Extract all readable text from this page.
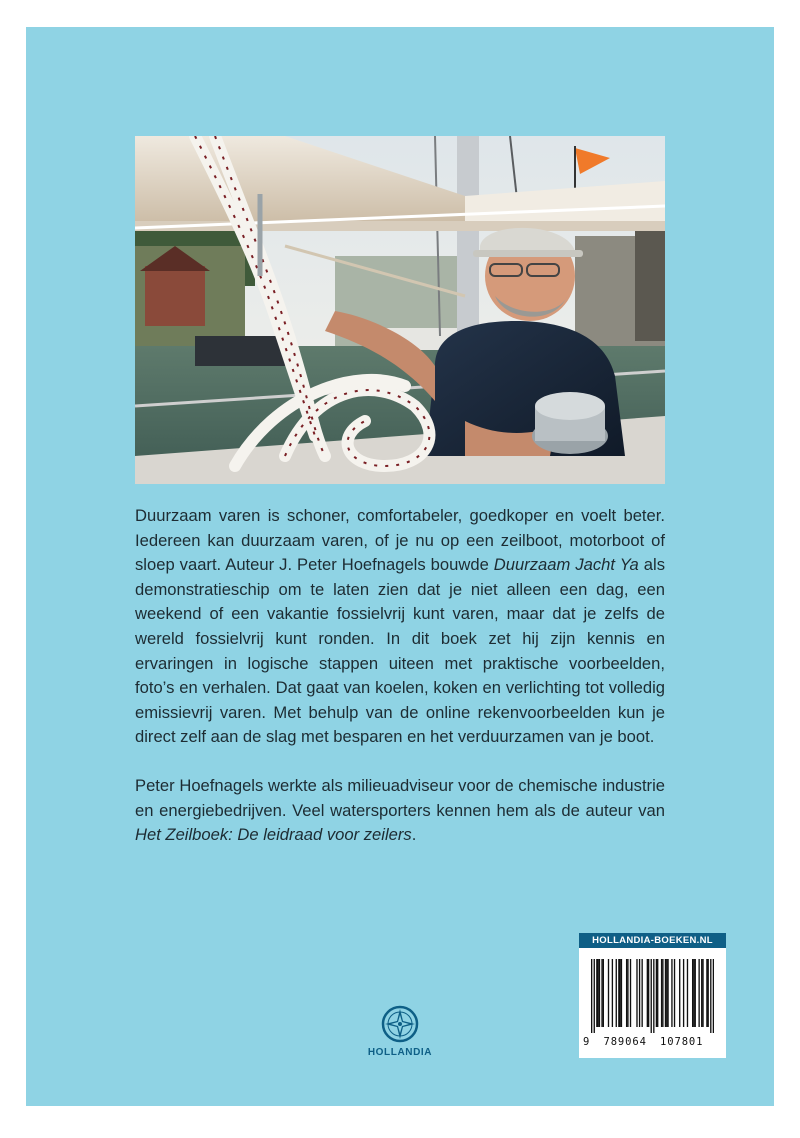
Duurzaam varen is schoner, comfortabeler, goedkoper en voelt beter. Iedereen kan duurzaam varen, of je nu op een zeilboot, motorboot of sloep vaart. Auteur J. Peter Hoefnagels bouwde Duurzaam Jacht Ya als demonstratieschip om te laten zien dat je niet alleen een dag, een weekend of een vakantie fossielvrij kunt varen, maar dat je zelfs de wereld fossielvrij kunt ronden. In dit boek zet hij zijn kennis en ervaringen in logische stappen uiteen met praktische voorbeelden, foto’s en verhalen. Dat gaat van koelen, koken en verlichting tot volledig emissievrij varen. Met behulp van de online rekenvoorbeelden kun je direct zelf aan de slag met besparen en het verduurzamen van je boot.

Peter Hoefnagels werkte als milieuadviseur voor de chemische industrie en energiebedrijven. Veel watersporters kennen hem als de auteur van Het Zeilboek: De leidraad voor zeilers.

HOLLANDIA
HOLLANDIA-BOEKEN.NL
9 789064 107801
